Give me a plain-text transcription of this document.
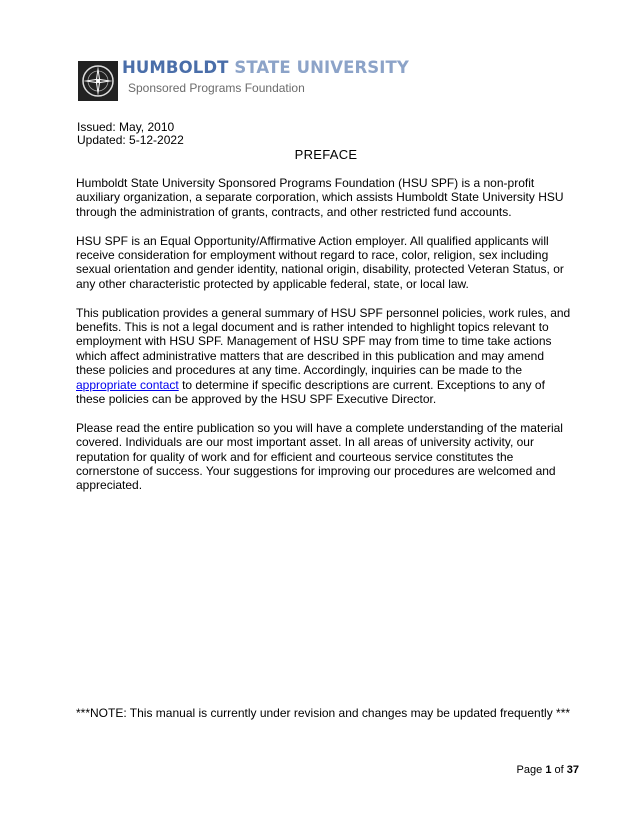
HUMBOLDT STATE UNIVERSITY
Sponsored Programs Foundation
Issued: May, 2010
Updated: 5-12-2022
PREFACE

Humboldt State University Sponsored Programs Foundation (HSU SPF) is a non-profit auxiliary organization, a separate corporation, which assists Humboldt State University HSU through the administration of grants, contracts, and other restricted fund accounts.

HSU SPF is an Equal Opportunity/Affirmative Action employer. All qualified applicants will receive consideration for employment without regard to race, color, religion, sex including sexual orientation and gender identity, national origin, disability, protected Veteran Status, or any other characteristic protected by applicable federal, state, or local law.

This publication provides a general summary of HSU SPF personnel policies, work rules, and benefits. This is not a legal document and is rather intended to highlight topics relevant to employment with HSU SPF. Management of HSU SPF may from time to time take actions which affect administrative matters that are described in this publication and may amend these policies and procedures at any time. Accordingly, inquiries can be made to the appropriate contact to determine if specific descriptions are current. Exceptions to any of these policies can be approved by the HSU SPF Executive Director.

Please read the entire publication so you will have a complete understanding of the material covered. Individuals are our most important asset. In all areas of university activity, our reputation for quality of work and for efficient and courteous service constitutes the cornerstone of success. Your suggestions for improving our procedures are welcomed and appreciated.

***NOTE: This manual is currently under revision and changes may be updated frequently ***
Page 1 of 37
